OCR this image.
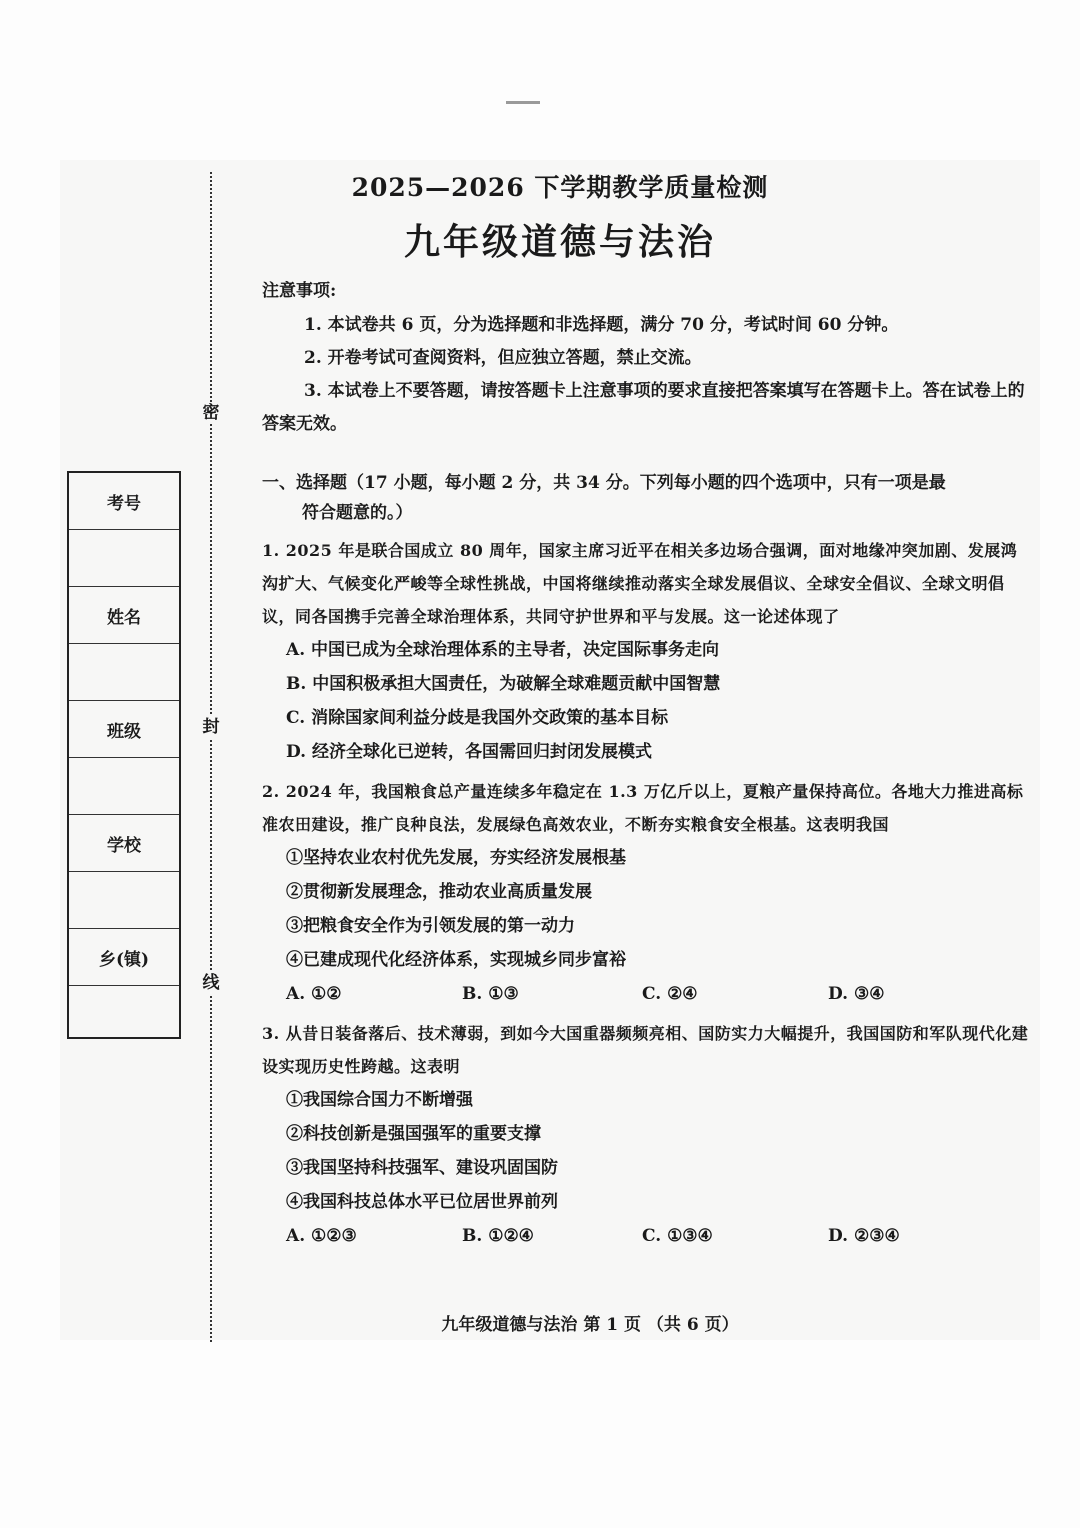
密
封
线
考号
姓名
班级
学校
乡(镇)
2025—2026 下学期教学质量检测
九年级道德与法治
注意事项:
1. 本试卷共 6 页，分为选择题和非选择题，满分 70 分，考试时间 60 分钟。
2. 开卷考试可查阅资料，但应独立答题，禁止交流。
3. 本试卷上不要答题，请按答题卡上注意事项的要求直接把答案填写在答题卡上。答在试卷上的答案无效。
一、选择题（17 小题，每小题 2 分，共 34 分。下列每小题的四个选项中，只有一项是最
符合题意的。）
1. 2025 年是联合国成立 80 周年，国家主席习近平在相关多边场合强调，面对地缘冲突加剧、发展鸿沟扩大、气候变化严峻等全球性挑战，中国将继续推动落实全球发展倡议、全球安全倡议、全球文明倡议，同各国携手完善全球治理体系，共同守护世界和平与发展。这一论述体现了
A. 中国已成为全球治理体系的主导者，决定国际事务走向
B. 中国积极承担大国责任，为破解全球难题贡献中国智慧
C. 消除国家间利益分歧是我国外交政策的基本目标
D. 经济全球化已逆转，各国需回归封闭发展模式
2. 2024 年，我国粮食总产量连续多年稳定在 1.3 万亿斤以上，夏粮产量保持高位。各地大力推进高标准农田建设，推广良种良法，发展绿色高效农业，不断夯实粮食安全根基。这表明我国
①坚持农业农村优先发展，夯实经济发展根基
②贯彻新发展理念，推动农业高质量发展
③把粮食安全作为引领发展的第一动力
④已建成现代化经济体系，实现城乡同步富裕
A. ①②	B. ①③	C. ②④	D. ③④
3. 从昔日装备落后、技术薄弱，到如今大国重器频频亮相、国防实力大幅提升，我国国防和军队现代化建设实现历史性跨越。这表明
①我国综合国力不断增强
②科技创新是强国强军的重要支撑
③我国坚持科技强军、建设巩固国防
④我国科技总体水平已位居世界前列
A. ①②③	B. ①②④	C. ①③④	D. ②③④
九年级道德与法治 第 1 页 （共 6 页）
